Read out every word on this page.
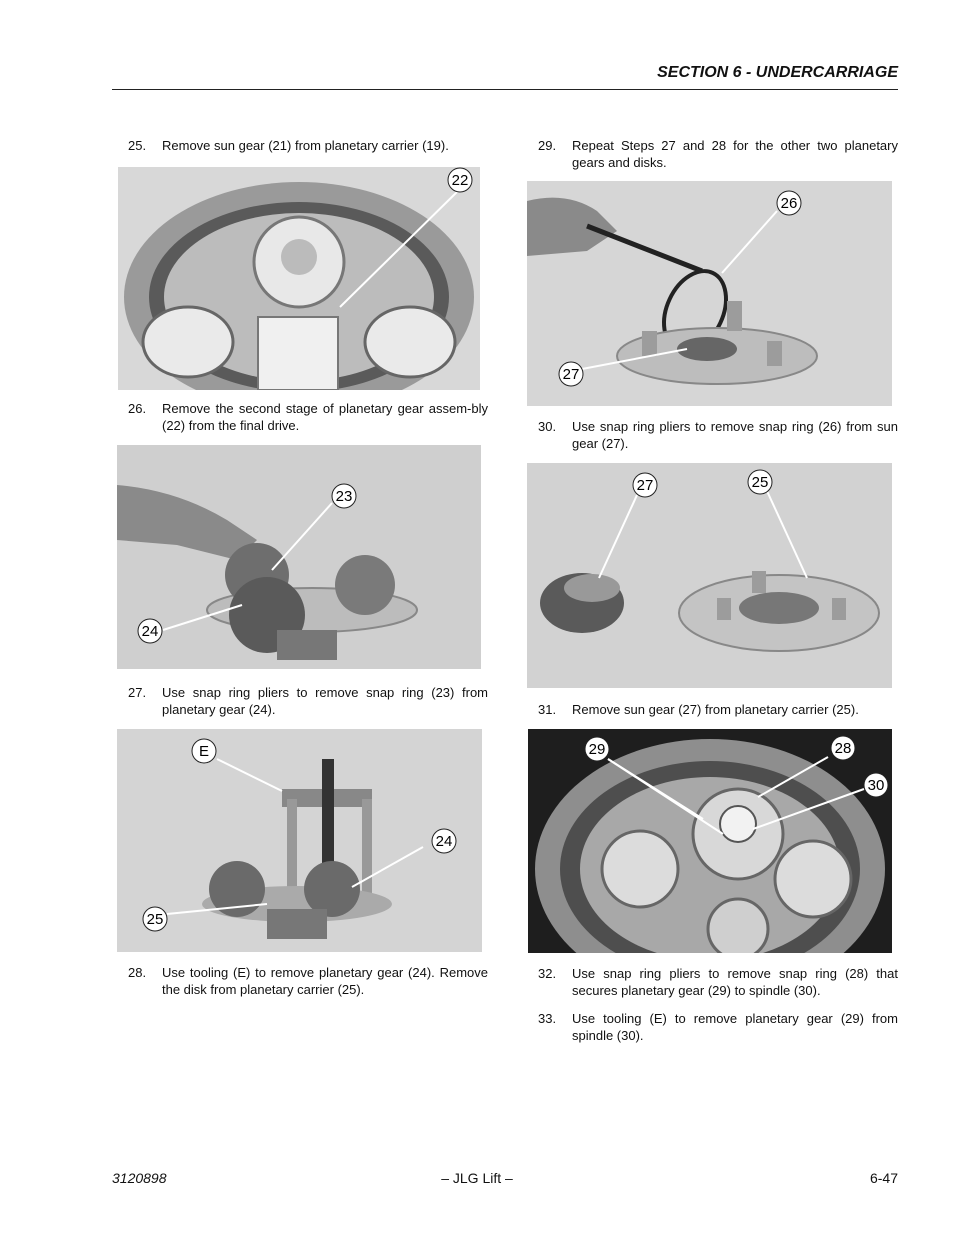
SECTION 6 - UNDERCARRIAGE
25. Remove sun gear (21) from planetary carrier (19).
22
26. Remove the second stage of planetary gear assem-bly (22) from the final drive.
23
24
27. Use snap ring pliers to remove snap ring (23) from planetary gear (24).
E
24
25
28. Use tooling (E) to remove planetary gear (24). Remove the disk from planetary carrier (25).
29. Repeat Steps 27 and 28 for the other two planetary gears and disks.
26
27
30. Use snap ring pliers to remove snap ring (26) from sun gear (27).
27	25
31. Remove sun gear (27) from planetary carrier (25).
29	28
30
32. Use snap ring pliers to remove snap ring (28) that secures planetary gear (29) to spindle (30).
33. Use tooling (E) to remove planetary gear (29) from spindle (30).
3120898	– JLG Lift –	6-47
